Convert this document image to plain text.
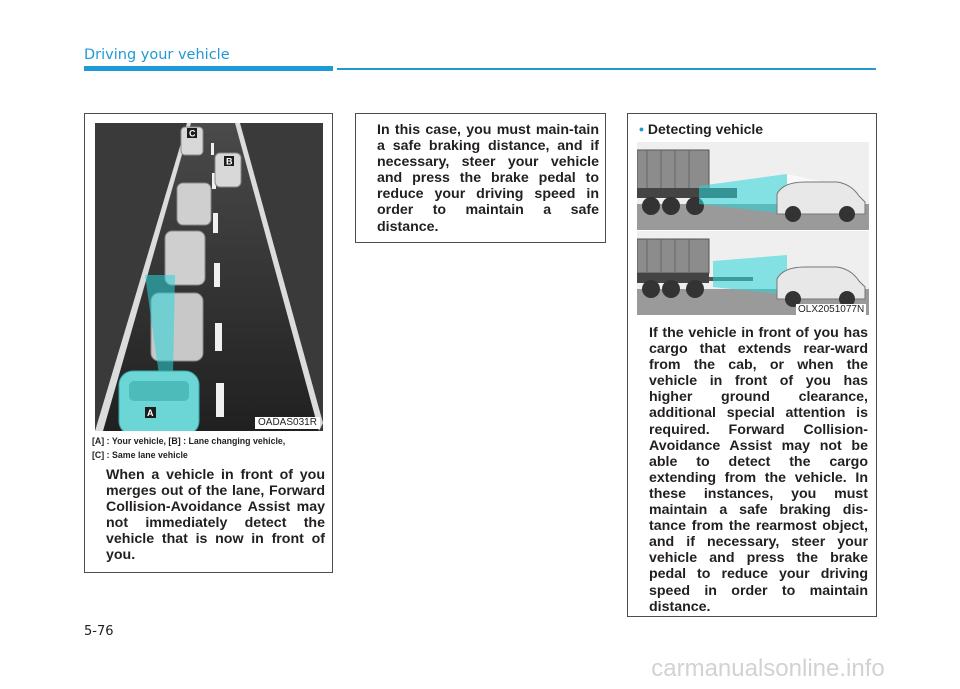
Driving your vehicle
C
B
A
OADAS031R
[A] : Your vehicle, [B] : Lane changing vehicle,
[C] : Same lane vehicle

When a vehicle in front of you merges out of the lane, Forward Collision-Avoidance Assist may not immediately detect the vehicle that is now in front of you.

In this case, you must main-tain a safe braking distance, and if necessary, steer your vehicle and press the brake pedal to reduce your driving speed in order to maintain a safe distance.

• Detecting vehicle
OLX2051077N

If the vehicle in front of you has cargo that extends rear-ward from the cab, or when the vehicle in front of you has higher ground clearance, additional special attention is required. Forward Collision-Avoidance Assist may not be able to detect the cargo extending from the vehicle. In these instances, you must maintain a safe braking dis-tance from the rearmost object, and if necessary, steer your vehicle and press the brake pedal to reduce your driving speed in order to maintain distance.

5-76
carmanualsonline.info
